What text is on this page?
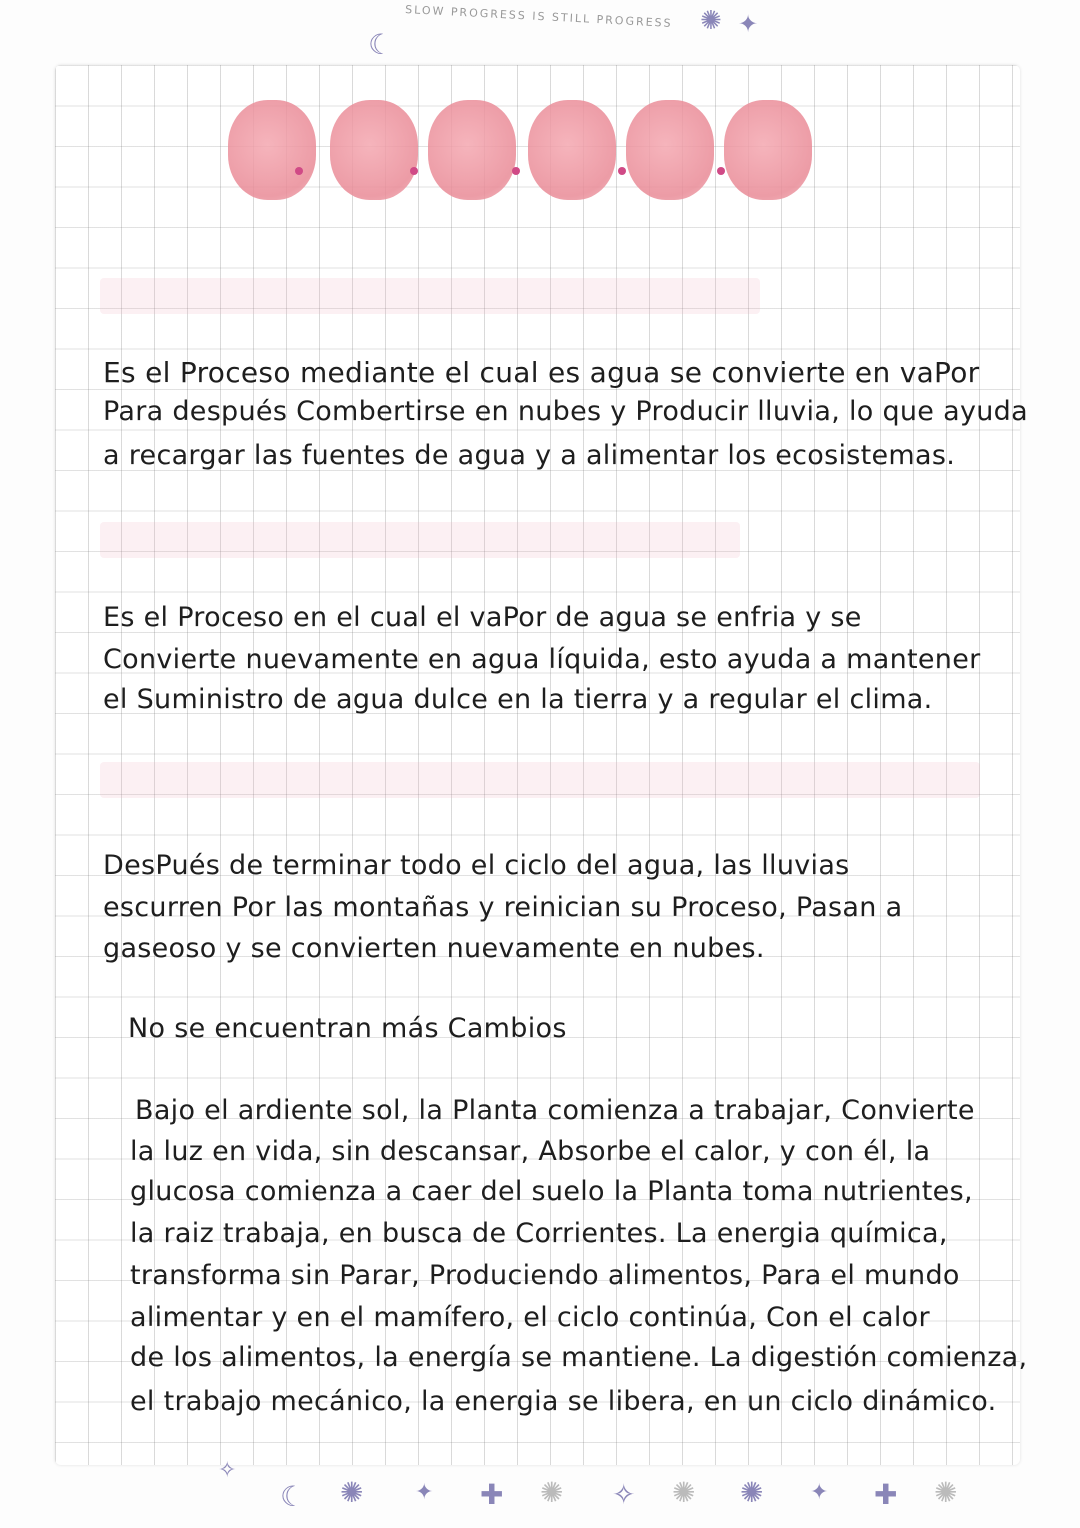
SLOW PROGRESS IS STILL PROGRESS
☾
✺ ✦
Es el Proceso mediante el cual es agua se convierte en vaPor
Para después Combertirse en nubes y Producir lluvia, lo que ayuda
a recargar las fuentes de agua y a alimentar los ecosistemas.
Es el Proceso en el cual el vaPor de agua se enfria y se
Convierte nuevamente en agua líquida, esto ayuda a mantener
el Suministro de agua dulce en la tierra y a regular el clima.
DesPués de terminar todo el ciclo del agua, las lluvias
escurren Por las montañas y reinician su Proceso, Pasan a
gaseoso y se convierten nuevamente en nubes.
No se encuentran más Cambios
Bajo el ardiente sol, la Planta comienza a trabajar, Convierte
la luz en vida, sin descansar, Absorbe el calor, y con él, la
glucosa comienza a caer del suelo la Planta toma nutrientes,
la raiz trabaja, en busca de Corrientes. La energia química,
transforma sin Parar, Produciendo alimentos, Para el mundo
alimentar y en el mamífero, el ciclo continúa, Con el calor
de los alimentos, la energía se mantiene. La digestión comienza,
el trabajo mecánico, la energia se libera, en un ciclo dinámico.
✧
☾ ✺ ✦ ✚ ✺ ✧ ✺ ✺ ✦ ✚ ✺
